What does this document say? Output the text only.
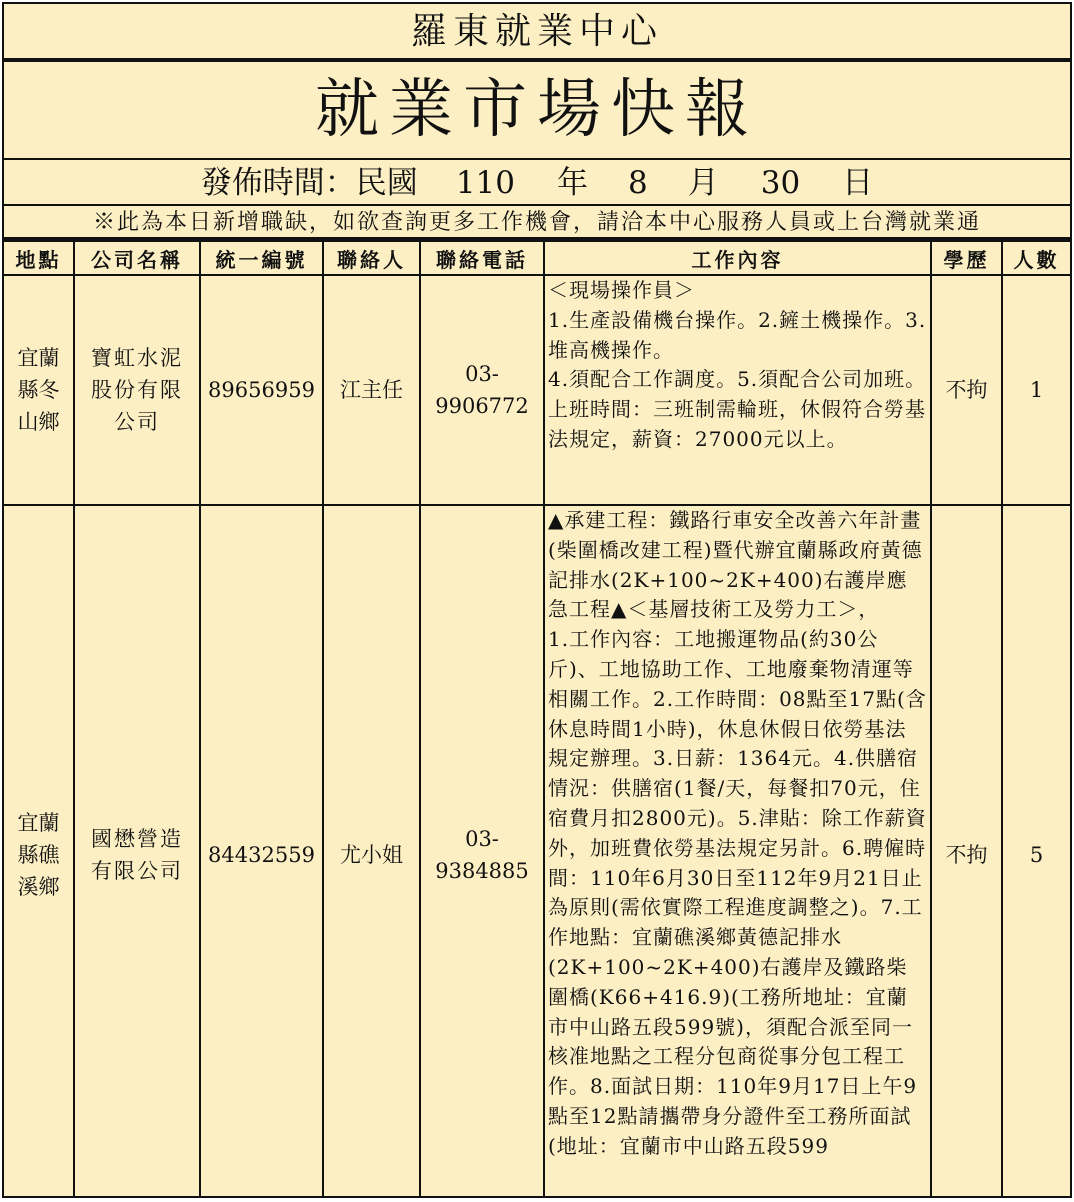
羅東就業中心
就業市場快報
發佈時間：民國 110 年 8 月 30 日
※此為本日新增職缺，如欲查詢更多工作機會，請洽本中心服務人員或上台灣就業通
地點	公司名稱	統一編號	聯絡人	聯絡電話	工作內容	學歷	人數
宜蘭縣冬山鄉	寶虹水泥股份有限公司	89656959	江主任	03-9906772	＜現場操作員＞
1.生產設備機台操作。2.鏟土機操作。3.堆高機操作。
4.須配合工作調度。5.須配合公司加班。上班時間：三班制需輪班，休假符合勞基法規定，薪資：27000元以上。	不拘	1
宜蘭縣礁溪鄉	國懋營造有限公司	84432559	尤小姐	03-9384885	▲承建工程：鐵路行車安全改善六年計畫(柴圍橋改建工程)暨代辦宜蘭縣政府黃德記排水(2K+100~2K+400)右護岸應急工程▲＜基層技術工及勞力工＞，
1.工作內容：工地搬運物品(約30公斤)、工地協助工作、工地廢棄物清運等相關工作。2.工作時間：08點至17點(含休息時間1小時)，休息休假日依勞基法規定辦理。3.日薪：1364元。4.供膳宿情況：供膳宿(1餐/天，每餐扣70元，住宿費月扣2800元)。5.津貼：除工作薪資外，加班費依勞基法規定另計。6.聘僱時間：110年6月30日至112年9月21日止為原則(需依實際工程進度調整之)。7.工作地點：宜蘭礁溪鄉黃德記排水(2K+100~2K+400)右護岸及鐵路柴圍橋(K66+416.9)(工務所地址：宜蘭市中山路五段599號)，須配合派至同一核准地點之工程分包商從事分包工程工作。8.面試日期：110年9月17日上午9點至12點請攜帶身分證件至工務所面試(地址：宜蘭市中山路五段599	不拘	5
